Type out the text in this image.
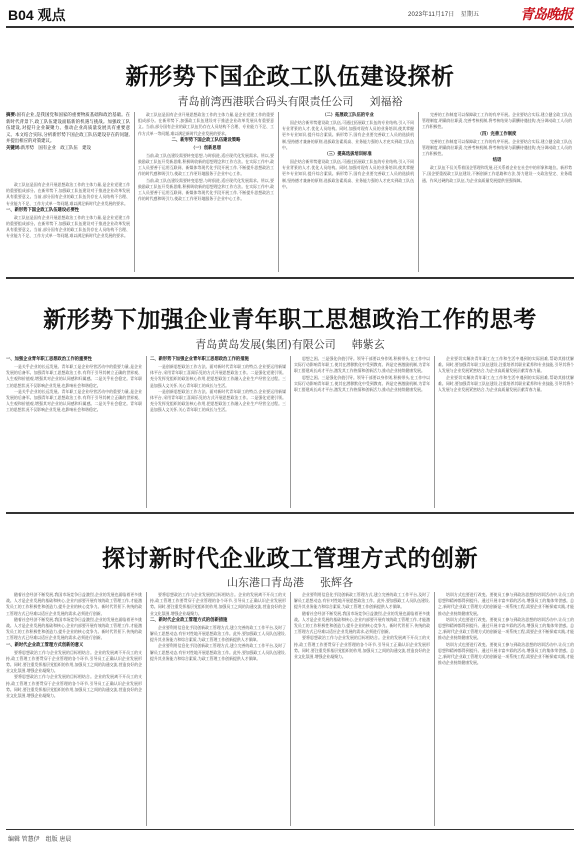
B04 观点	2023年11月17日　星期五	青岛晚报
新形势下国企政工队伍建设探析
青岛前湾西港联合码头有限责任公司 刘福裕
摘要:国有企业,是我国党和国家的重要物质基础和政治基础。在新时代背景下,政工队伍建设面临新的机遇与挑战。加强政工队伍建设,对提升企业凝聚力、推动企业高质量发展具有重要意义。本文结合实际,分析新形势下国企政工队伍建设存在的问题,并提出相应的对策建议。
关键词:新形势　国有企业　政工队伍　建设

政工队伍是国有企业开展思想政治工作的主体力量,是企业党建工作的重要组成部分。在新形势下,加强政工队伍建设对于推进企业改革发展具有重要意义。当前,部分国有企业的政工队伍仍存在人员结构不合理、专业能力不足、工作方式单一等问题,难以满足新时代企业发展的要求。

一、新形势下国企政工队伍建设必要性

政工队伍是国有企业开展思想政治工作的主体力量,是企业党建工作的重要组成部分。在新形势下,加强政工队伍建设对于推进企业改革发展具有重要意义。当前,部分国有企业的政工队伍仍存在人员结构不合理、专业能力不足、工作方式单一等问题,难以满足新时代企业发展的要求。

政工队伍是国有企业开展思想政治工作的主体力量,是企业党建工作的重要组成部分。在新形势下,加强政工队伍建设对于推进企业改革发展具有重要意义。当前,部分国有企业的政工队伍仍存在人员结构不合理、专业能力不足、工作方式单一等问题,难以满足新时代企业发展的要求。

二、新形势下国企政工队伍建设策略
（一）创新思想

当前,政工队伍建设需要转变思想,与时俱进,适应现代化发展需求。所以,要鼓励政工队伍开发新思维,积极吸收新的思想理念和工作方法。在实际工作中,政工人员要善于运用互联网、新媒体等现代化手段开展工作,不断提升思想政治工作的时代感和吸引力,使政工工作更好地服务于企业中心工作。

当前,政工队伍建设需要转变思想,与时俱进,适应现代化发展需求。所以,要鼓励政工队伍开发新思维,积极吸收新的思想理念和工作方法。在实际工作中,政工人员要善于运用互联网、新媒体等现代化手段开展工作,不断提升思想政治工作的时代感和吸引力,使政工工作更好地服务于企业中心工作。

（二）拓展政工队伍的专业

国企结合新形势建设政工队伍,可通过拓展政工队伍的专业结构,引入不同专业背景的人才,优化人员结构。同时,加强对现有人员的业务培训,使其掌握更多专业知识,提升综合素质。新形势下,国有企业要完善政工人员的选拔机制,坚持德才兼备的原则,选拔政治素质高、业务能力强的人才充实到政工队伍中。

（三）提高选拔培训标准

国企结合新形势建设政工队伍,可通过拓展政工队伍的专业结构,引入不同专业背景的人才,优化人员结构。同时,加强对现有人员的业务培训,使其掌握更多专业知识,提升综合素质。新形势下,国有企业要完善政工人员的选拔机制,坚持德才兼备的原则,选拔政治素质高、业务能力强的人才充实到政工队伍中。

完善的工作制度可以保障政工工作的有序开展。企业要结合实际,建立健全政工队伍管理制度,明确岗位职责,完善考核机制,将考核结果与薪酬待遇挂钩,充分调动政工人员的工作积极性。

（四）完善工作制度

完善的工作制度可以保障政工工作的有序开展。企业要结合实际,建立健全政工队伍管理制度,明确岗位职责,完善考核机制,将考核结果与薪酬待遇挂钩,充分调动政工人员的工作积极性。

结语

政工队伍不仅关系着国企管理和发展,还关系着企业在社会中的形象和地位。新形势下,国企要重视政工队伍建设,不断创新工作思路和方法,努力建设一支政治坚定、业务精通、作风过硬的政工队伍,为企业高质量发展提供坚强保障。

新形势下加强企业青年职工思想政治工作的思考
青岛黄岛发展(集团)有限公司 韩紫玄
一、加强企业青年职工思想政治工作的重要性

一是关乎企业的长远发展。青年职工是企业经营活动中的重要力量,是企业发展的后备军。加强青年职工思想政治工作,有利于引导其树立正确的世界观、人生观和价值观,增强其对企业的认同感和归属感。二是关乎社会稳定。青年职工的思想状况不仅影响企业发展,也影响社会和谐稳定。

一是关乎企业的长远发展。青年职工是企业经营活动中的重要力量,是企业发展的后备军。加强青年职工思想政治工作,有利于引导其树立正确的世界观、人生观和价值观,增强其对企业的认同感和归属感。二是关乎社会稳定。青年职工的思想状况不仅影响企业发展,也影响社会和谐稳定。

二、新形势下加强企业青年职工思想政治工作的措施

一是创新思想政治工作方法。面对新时代青年职工的特点,企业要运用新媒体平台,采用青年职工喜闻乐见的方式开展思想政治工作。二是强化党建引领。充分发挥党组织的政治核心作用,把思想政治工作融入企业生产经营全过程。三是加强人文关怀,关心青年职工的成长与生活。

一是创新思想政治工作方法。面对新时代青年职工的特点,企业要运用新媒体平台,采用青年职工喜闻乐见的方式开展思想政治工作。二是强化党建引领。充分发挥党组织的政治核心作用,把思想政治工作融入企业生产经营全过程。三是加强人文关怀,关心青年职工的成长与生活。

思想之困。三是强化价值引导。领导干部要以身作则,积极带头,在工作中以实际行动影响青年职工,使其在潜移默化中受到教育。四是完善激励机制,为青年职工搭建成长成才平台,激发其工作热情和创新活力,推动企业持续健康发展。

思想之困。三是强化价值引导。领导干部要以身作则,积极带头,在工作中以实际行动影响青年职工,使其在潜移默化中受到教育。四是完善激励机制,为青年职工搭建成长成才平台,激发其工作热情和创新活力,推动企业持续健康发展。

企业要切实解决青年职工在工作和生活中遇到的实际困难,帮助其排忧解难。同时,要加强青年职工队伍建设,注重培养其职业素养和专业技能,引导其将个人发展与企业发展紧密结合,为企业高质量发展贡献青春力量。

企业要切实解决青年职工在工作和生活中遇到的实际困难,帮助其排忧解难。同时,要加强青年职工队伍建设,注重培养其职业素养和专业技能,引导其将个人发展与企业发展紧密结合,为企业高质量发展贡献青春力量。

探讨新时代企业政工管理方式的创新
山东港口青岛港 张辉各

随着社会经济不断发展,我国市场竞争日益激烈,企业的发展也面临着更多挑战。人才是企业发展的基础和核心,企业内部要开展有效的政工管理工作,才能激发员工的工作积极性和创造力,提升企业的核心竞争力。新时代背景下,传统的政工管理方式已经难以适应企业发展的需求,必须进行创新。

随着社会经济不断发展,我国市场竞争日益激烈,企业的发展也面临着更多挑战。人才是企业发展的基础和核心,企业内部要开展有效的政工管理工作,才能激发员工的工作积极性和创造力,提升企业的核心竞争力。新时代背景下,传统的政工管理方式已经难以适应企业发展的需求,必须进行创新。

一、新时代企业政工管理方式创新的意义

要将思想政治工作与企业发展的目标相结合。企业的发展离不开员工的支持,政工管理工作要贯穿于企业管理的各个环节,引导员工正确认识企业发展形势。同时,要注重发挥基层党组织的作用,加强员工之间的沟通交流,营造良好的企业文化氛围,增强企业凝聚力。

要将思想政治工作与企业发展的目标相结合。企业的发展离不开员工的支持,政工管理工作要贯穿于企业管理的各个环节,引导员工正确认识企业发展形势。同时,要注重发挥基层党组织的作用,加强员工之间的沟通交流,营造良好的企业文化氛围,增强企业凝聚力。

要将思想政治工作与企业发展的目标相结合。企业的发展离不开员工的支持,政工管理工作要贯穿于企业管理的各个环节,引导员工正确认识企业发展形势。同时,要注重发挥基层党组织的作用,加强员工之间的沟通交流,营造良好的企业文化氛围,增强企业凝聚力。

二、新时代企业政工管理方式的创新措施

企业要利用信息化手段创新政工管理方式,建立完善的政工工作平台,及时了解员工思想动态,有针对性地开展思想政治工作。此外,要加强政工人员队伍建设,提升其业务能力和综合素质,为政工管理工作创新提供人才保障。

企业要利用信息化手段创新政工管理方式,建立完善的政工工作平台,及时了解员工思想动态,有针对性地开展思想政治工作。此外,要加强政工人员队伍建设,提升其业务能力和综合素质,为政工管理工作创新提供人才保障。

企业要利用信息化手段创新政工管理方式,建立完善的政工工作平台,及时了解员工思想动态,有针对性地开展思想政治工作。此外,要加强政工人员队伍建设,提升其业务能力和综合素质,为政工管理工作创新提供人才保障。

随着社会经济不断发展,我国市场竞争日益激烈,企业的发展也面临着更多挑战。人才是企业发展的基础和核心,企业内部要开展有效的政工管理工作,才能激发员工的工作积极性和创造力,提升企业的核心竞争力。新时代背景下,传统的政工管理方式已经难以适应企业发展的需求,必须进行创新。

要将思想政治工作与企业发展的目标相结合。企业的发展离不开员工的支持,政工管理工作要贯穿于企业管理的各个环节,引导员工正确认识企业发展形势。同时,要注重发挥基层党组织的作用,加强员工之间的沟通交流,营造良好的企业文化氛围,增强企业凝聚力。

培训方式也要进行改变。要使员工参与到政治思想的培训活动中,让员工的思想和精神都得到提升。通过开展丰富多彩的活动,增强员工的集体荣誉感。总之,新时代企业政工管理方式的创新是一项系统工程,需要企业不断探索实践,才能推动企业持续健康发展。

培训方式也要进行改变。要使员工参与到政治思想的培训活动中,让员工的思想和精神都得到提升。通过开展丰富多彩的活动,增强员工的集体荣誉感。总之,新时代企业政工管理方式的创新是一项系统工程,需要企业不断探索实践,才能推动企业持续健康发展。

培训方式也要进行改变。要使员工参与到政治思想的培训活动中,让员工的思想和精神都得到提升。通过开展丰富多彩的活动,增强员工的集体荣誉感。总之,新时代企业政工管理方式的创新是一项系统工程,需要企业不断探索实践,才能推动企业持续健康发展。

编辑 管慧伊 组版 唐晨
